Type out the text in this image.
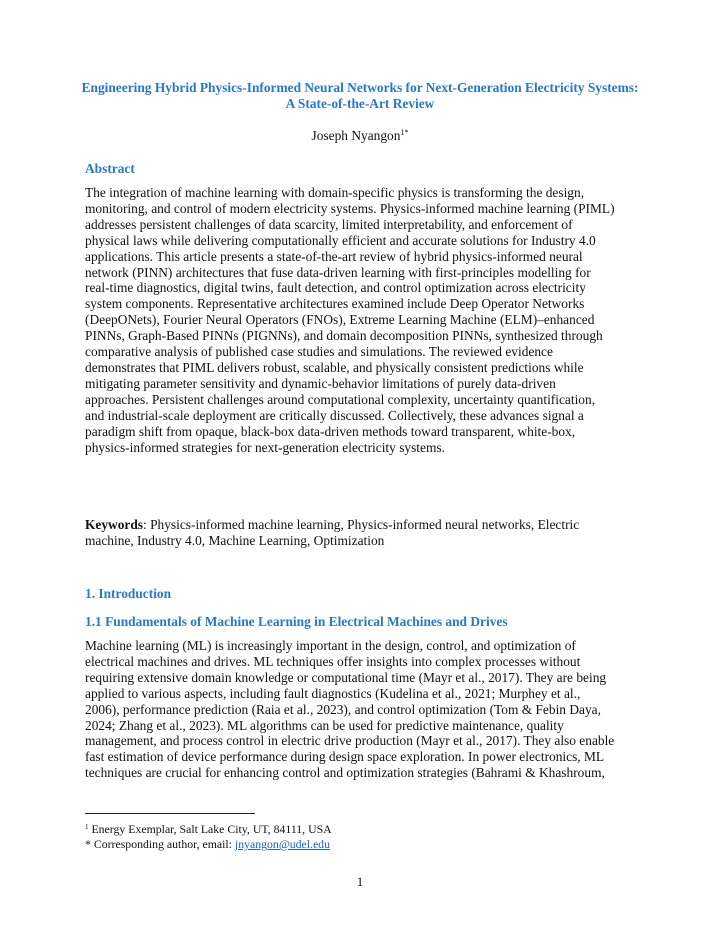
Engineering Hybrid Physics-Informed Neural Networks for Next-Generation Electricity Systems:
A State-of-the-Art Review
Joseph Nyangon$^{1*}$
Abstract
The integration of machine learning with domain-specific physics is transforming the design,
monitoring, and control of modern electricity systems. Physics-informed machine learning (PIML)
addresses persistent challenges of data scarcity, limited interpretability, and enforcement of
physical laws while delivering computationally efficient and accurate solutions for Industry 4.0
applications. This article presents a state-of-the-art review of hybrid physics-informed neural
network (PINN) architectures that fuse data-driven learning with first-principles modelling for
real-time diagnostics, digital twins, fault detection, and control optimization across electricity
system components. Representative architectures examined include Deep Operator Networks
(DeepONets), Fourier Neural Operators (FNOs), Extreme Learning Machine (ELM)–enhanced
PINNs, Graph-Based PINNs (PIGNNs), and domain decomposition PINNs, synthesized through
comparative analysis of published case studies and simulations. The reviewed evidence
demonstrates that PIML delivers robust, scalable, and physically consistent predictions while
mitigating parameter sensitivity and dynamic-behavior limitations of purely data-driven
approaches. Persistent challenges around computational complexity, uncertainty quantification,
and industrial-scale deployment are critically discussed. Collectively, these advances signal a
paradigm shift from opaque, black-box data-driven methods toward transparent, white-box,
physics-informed strategies for next-generation electricity systems.
Keywords: Physics-informed machine learning, Physics-informed neural networks, Electric
machine, Industry 4.0, Machine Learning, Optimization
1. Introduction
1.1 Fundamentals of Machine Learning in Electrical Machines and Drives
Machine learning (ML) is increasingly important in the design, control, and optimization of
electrical machines and drives. ML techniques offer insights into complex processes without
requiring extensive domain knowledge or computational time (Mayr et al., 2017). They are being
applied to various aspects, including fault diagnostics (Kudelina et al., 2021; Murphey et al.,
2006), performance prediction (Raia et al., 2023), and control optimization (Tom & Febin Daya,
2024; Zhang et al., 2023). ML algorithms can be used for predictive maintenance, quality
management, and process control in electric drive production (Mayr et al., 2017). They also enable
fast estimation of device performance during design space exploration. In power electronics, ML
techniques are crucial for enhancing control and optimization strategies (Bahrami & Khashroum,
$^1$ Energy Exemplar, Salt Lake City, UT, 84111, USA
* Corresponding author, email: jnyangon@udel.edu
1
